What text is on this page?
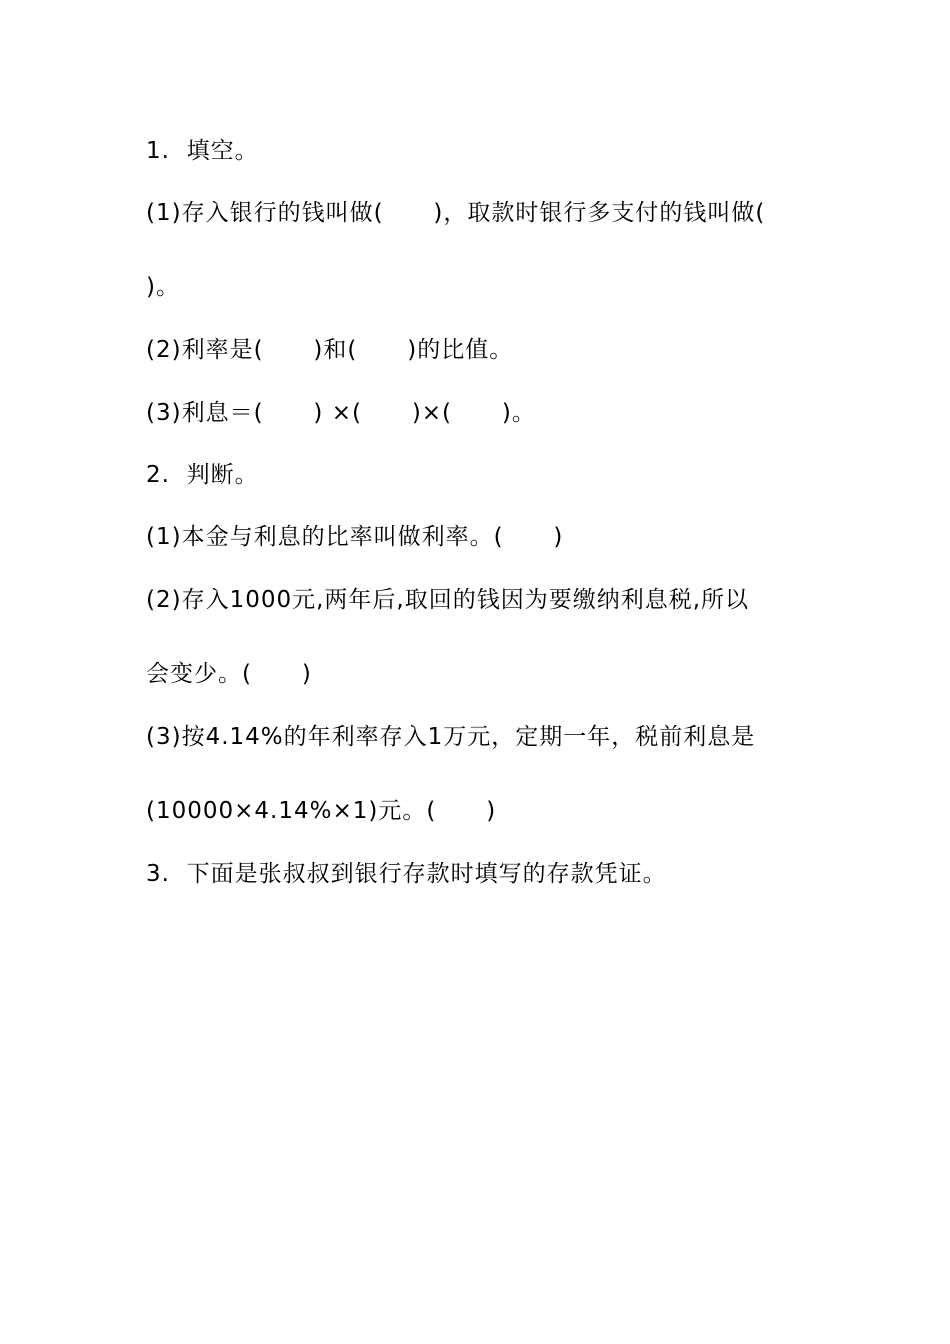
1.  填空。
(1)存入银行的钱叫做(      )，取款时银行多支付的钱叫做(
)。
(2)利率是(      )和(      )的比值。
(3)利息＝(      ) ×(      )×(      )。
2.  判断。
(1)本金与利息的比率叫做利率。(      )
(2)存入1000元,两年后,取回的钱因为要缴纳利息税,所以
会变少。(      )
(3)按4.14%的年利率存入1万元，定期一年，税前利息是
(10000×4.14%×1)元。(      )
3.  下面是张叔叔到银行存款时填写的存款凭证。
